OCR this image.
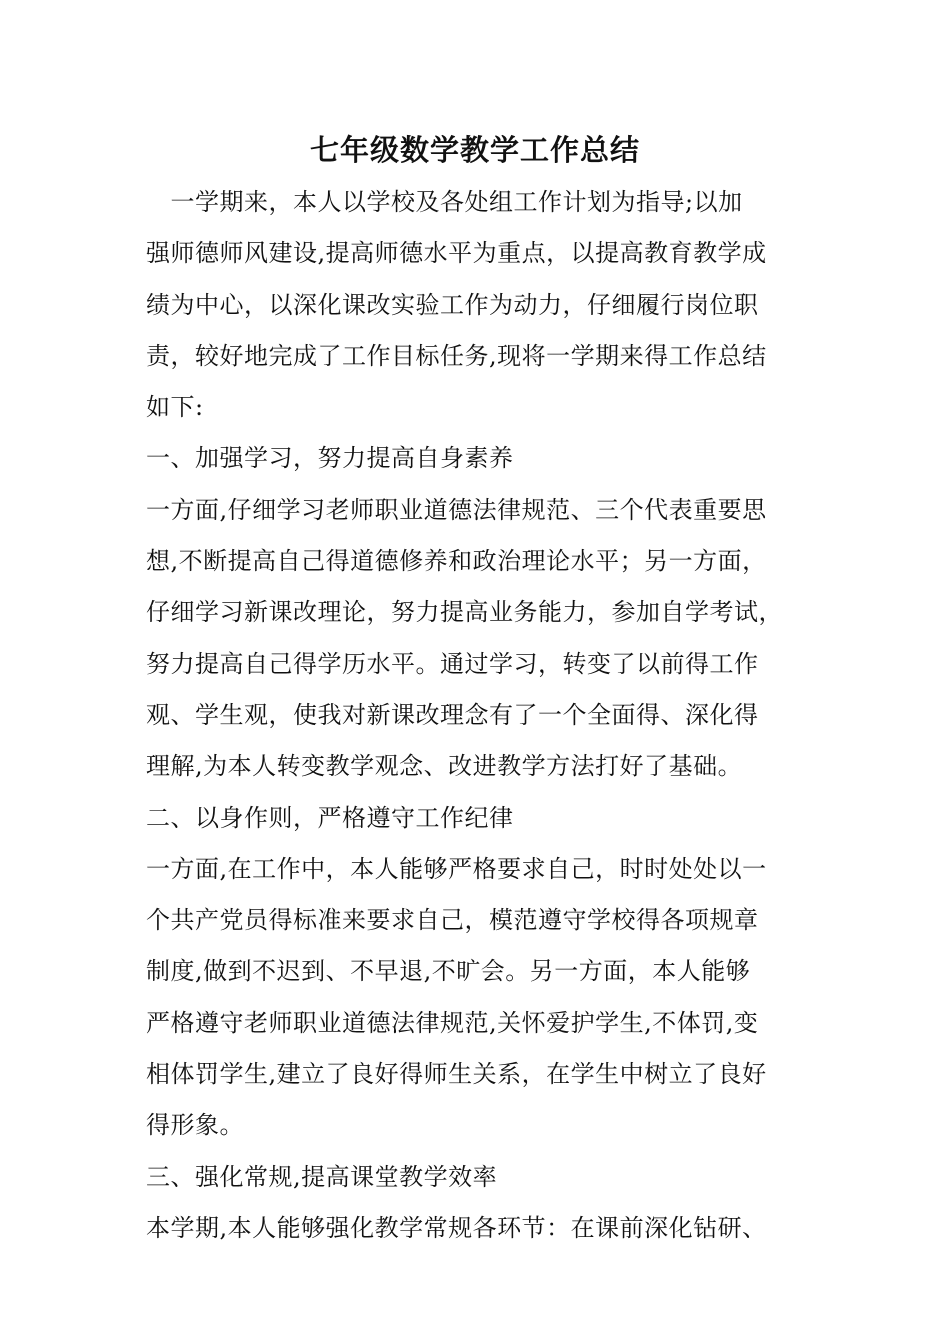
七年级数学教学工作总结
　一学期来，本人以学校及各处组工作计划为指导;以加
强师德师风建设,提高师德水平为重点，以提高教育教学成
绩为中心，以深化课改实验工作为动力，仔细履行岗位职
责，较好地完成了工作目标任务,现将一学期来得工作总结
如下:
一、加强学习，努力提高自身素养
一方面,仔细学习老师职业道德法律规范、三个代表重要思
想,不断提高自己得道德修养和政治理论水平；另一方面，
仔细学习新课改理论，努力提高业务能力，参加自学考试，
努力提高自己得学历水平。通过学习，转变了以前得工作
观、学生观，使我对新课改理念有了一个全面得、深化得
理解,为本人转变教学观念、改进教学方法打好了基础。
二、以身作则，严格遵守工作纪律
一方面,在工作中，本人能够严格要求自己，时时处处以一
个共产党员得标准来要求自己，模范遵守学校得各项规章
制度,做到不迟到、不早退,不旷会。另一方面，本人能够
严格遵守老师职业道德法律规范,关怀爱护学生,不体罚,变
相体罚学生,建立了良好得师生关系，在学生中树立了良好
得形象。
三、强化常规,提高课堂教学效率
本学期,本人能够强化教学常规各环节：在课前深化钻研、
